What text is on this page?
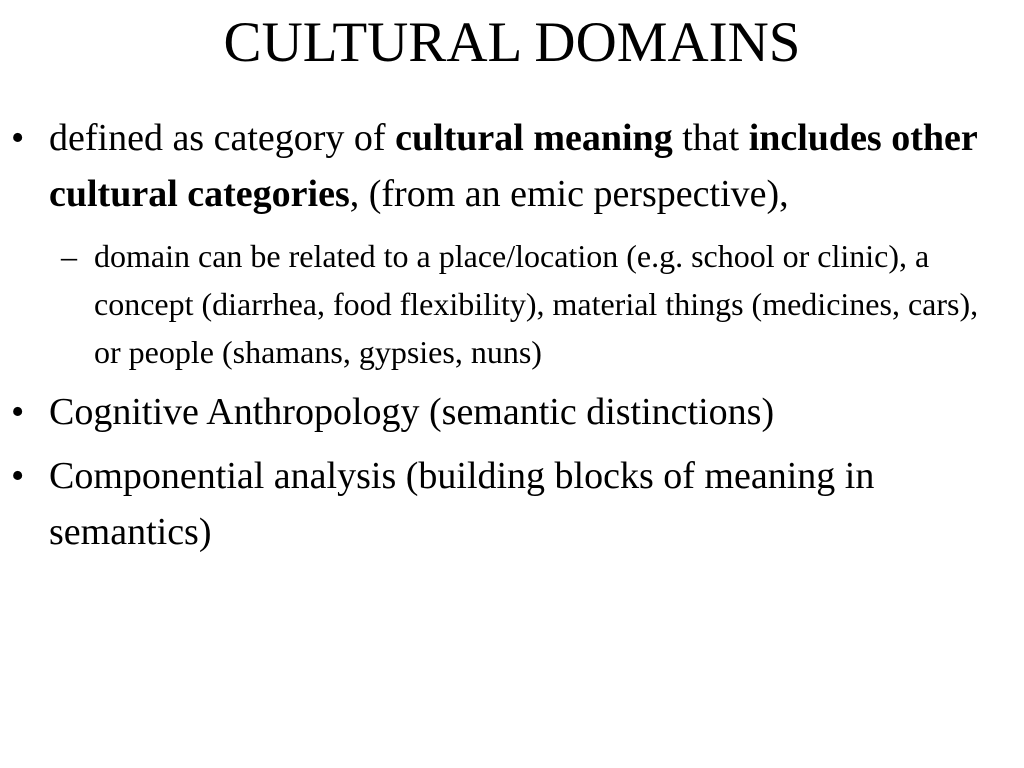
CULTURAL DOMAINS
• defined as category of cultural meaning that includes other cultural categories, (from an emic perspective),
– domain can be related to a place/location (e.g. school or clinic), a concept (diarrhea, food flexibility), material things (medicines, cars), or people (shamans, gypsies, nuns)
• Cognitive Anthropology (semantic distinctions)
• Componential analysis (building blocks of meaning in semantics)
